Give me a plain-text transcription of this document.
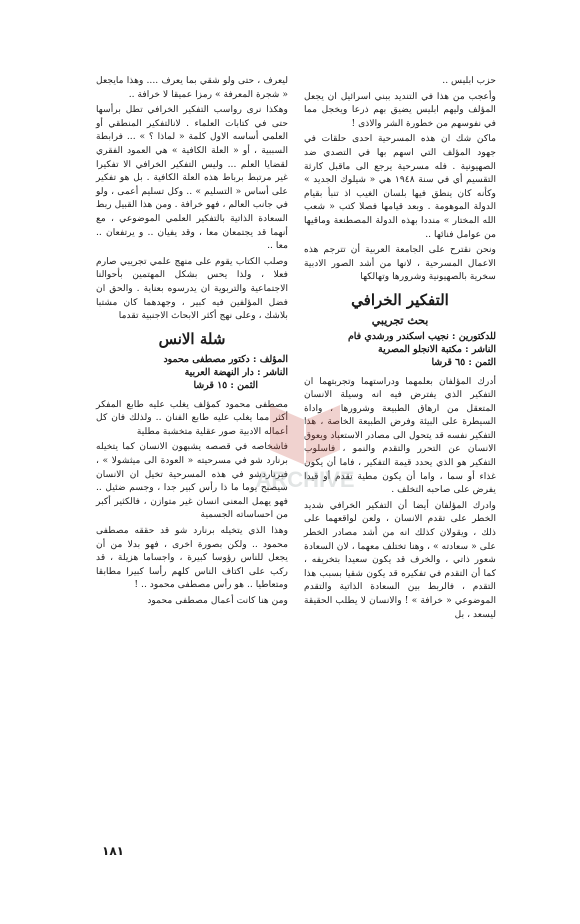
حزب ابليس ..

وأعجب من هذا في التنديد ببني اسرائيل ان يجعل المؤلف وليهم ابليس يضيق بهم ذرعا ويخجل مما في نفوسهم من خطورة الشر والاذى !

ماكن شك ان هذه المسرحية احدى حلقات في جهود المؤلف التي اسهم بها في التصدي ضد الصهيونية . فله مسرحية يرجع الى ماقبل كارثة التقسيم أي في سنة ١٩٤٨ هي « شيلوك الجديد » وكأنه كان ينطق فيها بلسان الغيب اذ تنبأ بقيام الدولة الموهومة . وبعد قيامها فصلا كتب « شعب الله المختار » منددا بهذه الدولة المصطنعة وماقيها من عوامل فنائها ..

ونحن نقترح على الجامعة العربية أن تترجم هذه الاعمال المسرحية ، لانها من أشد الصور الادبية سخرية بالصهيونية وشرورها وتهالكها

التفكير الخرافي
بحث تجريبي
للدكتورين : نجيب اسكندر ورشدي فام
الناشر : مكتبة الانجلو المصرية
الثمن : ٦٥ قرشا

أدرك المؤلفان بعلمهما ودراستهما وتجربتهما ان التفكير الذي يفترض فيه انه وسيلة الانسان المتعقل من ارهاق الطبيعة وشرورها ، واداة السيطرة على البيئة وفرض الطبيعة الخاصة ، هذا التفكير نفسه قد يتحول الى مصادر الاستعباد ويعوق الانسان عن التحرر والتقدم والنمو ، فاسلوب التفكير هو الذي يحدد قيمة التفكير ، فاما أن يكون غذاء أو سما ، واما أن يكون مطية تقدم أو قيدا يفرض على صاحبه التخلف .

وادرك المؤلفان أيضا أن التفكير الخرافي شديد الخطر على تقدم الانسان ، ولعن لواقعهما على ذلك ، ويقولان كذلك انه من أشد مصادر الخطر على « سعادته » ، وهنا تختلف معهما ، لان السعادة شعور ذاتي ، والخرف قد يكون سعيدا بتخريفه ، كما أن التقدم في تفكيره قد يكون شقيا بسبب هذا التقدم ، فالربط بين السعادة الذاتية والتقدم الموضوعي « خرافة » ! والانسان لا يطلب الحقيقة ليسعد ، بل

ليعرف ، حتى ولو شقي بما يعرف .... وهذا مايجعل « شجرة المعرفة » رمزا عميقا لا خرافة ..

وهكذا نرى رواسب التفكير الخرافي تطل برأسها حتى في كتابات العلماء . لانالتفكير المنطقي أو العلمي أساسه الاول كلمة « لماذا ؟ » ... فرابطة السببية ، أو « العلة الكافية » هي العمود الفقري لقضايا العلم ... وليس التفكير الخرافي الا تفكيرا غير مرتبط برباط هذه العلة الكافية . بل هو تفكير على أساس « التسليم » .. وكل تسليم أعمى ، ولو في جانب العالم ، فهو خرافة . ومن هذا القبيل ربط السعادة الذاتية بالتفكير العلمي الموضوعي ، مع أنهما قد يجتمعان معا ، وقد يفيان .. و يرتفعان .. معا ..

وصلب الكتاب يقوم على منهج علمي تجريبي صارم فعلا ، ولذا يحس بشكل المهتمين بأحوالنا الاجتماعية والتربوية ان يدرسوه بعناية . والحق ان فضل المؤلفين فيه كبير ، وجهدهما كان مشتبا بلاشك ، وعلى نهج أكثر الابحاث الاجنبية تقدما

شلة الانس
المؤلف : دكتور مصطفى محمود
الناشر : دار النهضة العربية
الثمن : ١٥ قرشا

مصطفى محمود كمؤلف يغلب عليه طابع المفكر أكثر مما يغلب عليه طابع الفنان .. ولذلك فان كل أعماله الادبية صور عقلية متخشبة مطلية

فاشخاصه في قصصه يشبهون الانسان كما يتخيله برنارد شو في مسرحيته « العودة الى ميثشولا » ، فبرناردشو في هذه المسرحية تخيل ان الانسان سيصبح يوما ما ذا رأس كبير جدا ، وجسم ضئيل .. فهو يهمل المعنى انسان غير متوازن ، فالكثير أكبر من احساساته الجسمية

وهذا الذي يتخيله برنارد شو قد حققه مصطفى محمود .. ولكن بصورة اخرى ، فهو بدلا من أن يجعل للناس رؤوسا كبيرة ، واجساما هزيلة ، قد ركب على اكتاف الناس كلهم رأسا كبيرا مطابقا ومتعاطيا .. هو رأس مصطفى محمود .. !

ومن هنا كانت أعمال مصطفى محمود

ARCHIVE
١٨١
